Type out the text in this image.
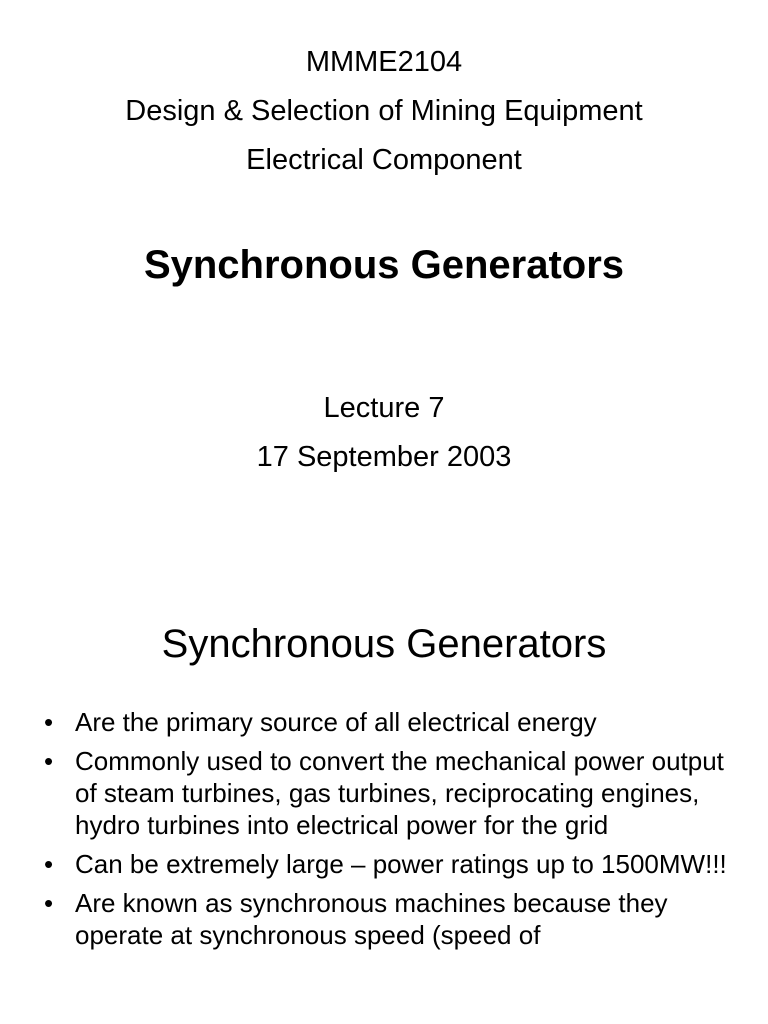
MMME2104
Design & Selection of Mining Equipment
Electrical Component
Synchronous Generators
Lecture 7
17 September 2003
Synchronous Generators
• Are the primary source of all electrical energy
• Commonly used to convert the mechanical power output of steam turbines, gas turbines, reciprocating engines, hydro turbines into electrical power for the grid
• Can be extremely large – power ratings up to 1500MW!!!
• Are known as synchronous machines because they operate at synchronous speed (speed of
